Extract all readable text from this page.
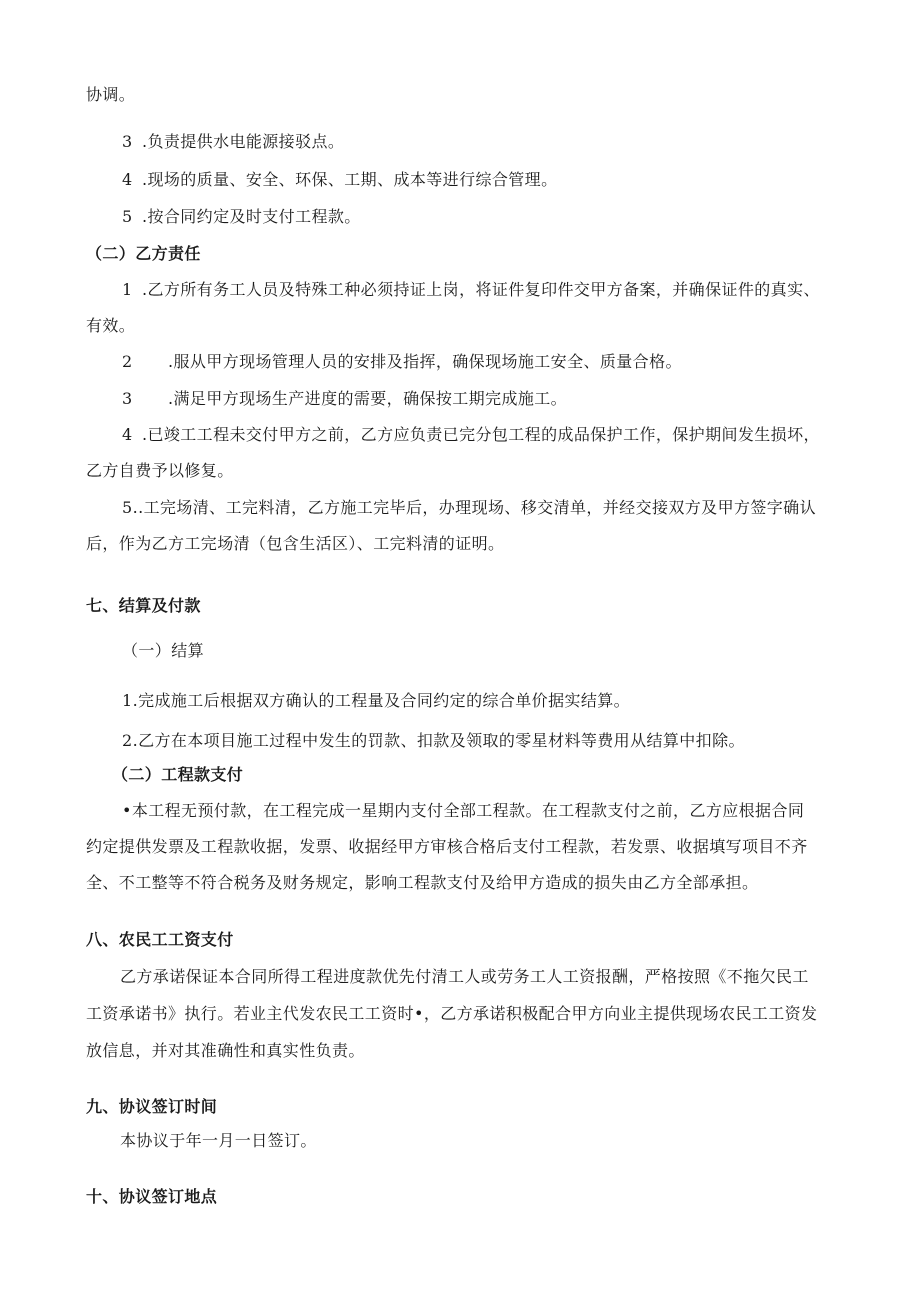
协调。
3 .负责提供水电能源接驳点。
4 .现场的质量、安全、环保、工期、成本等进行综合管理。
5 .按合同约定及时支付工程款。
（二）乙方责任
1 .乙方所有务工人员及特殊工种必须持证上岗，将证件复印件交甲方备案，并确保证件的真实、
有效。
2 .服从甲方现场管理人员的安排及指挥，确保现场施工安全、质量合格。
3 .满足甲方现场生产进度的需要，确保按工期完成施工。
4 .已竣工工程未交付甲方之前，乙方应负责已完分包工程的成品保护工作，保护期间发生损坏，
乙方自费予以修复。
5..工完场清、工完料清，乙方施工完毕后，办理现场、移交清单，并经交接双方及甲方签字确认
后，作为乙方工完场清（包含生活区）、工完料清的证明。
七、结算及付款
（一）结算
1.完成施工后根据双方确认的工程量及合同约定的综合单价据实结算。
2.乙方在本项目施工过程中发生的罚款、扣款及领取的零星材料等费用从结算中扣除。
（二）工程款支付
•本工程无预付款，在工程完成一星期内支付全部工程款。在工程款支付之前，乙方应根据合同
约定提供发票及工程款收据，发票、收据经甲方审核合格后支付工程款，若发票、收据填写项目不齐
全、不工整等不符合税务及财务规定，影响工程款支付及给甲方造成的损失由乙方全部承担。
八、农民工工资支付
乙方承诺保证本合同所得工程进度款优先付清工人或劳务工人工资报酬，严格按照《不拖欠民工
工资承诺书》执行。若业主代发农民工工资时•，乙方承诺积极配合甲方向业主提供现场农民工工资发
放信息，并对其准确性和真实性负责。
九、协议签订时间
本协议于年一月一日签订。
十、协议签订地点
